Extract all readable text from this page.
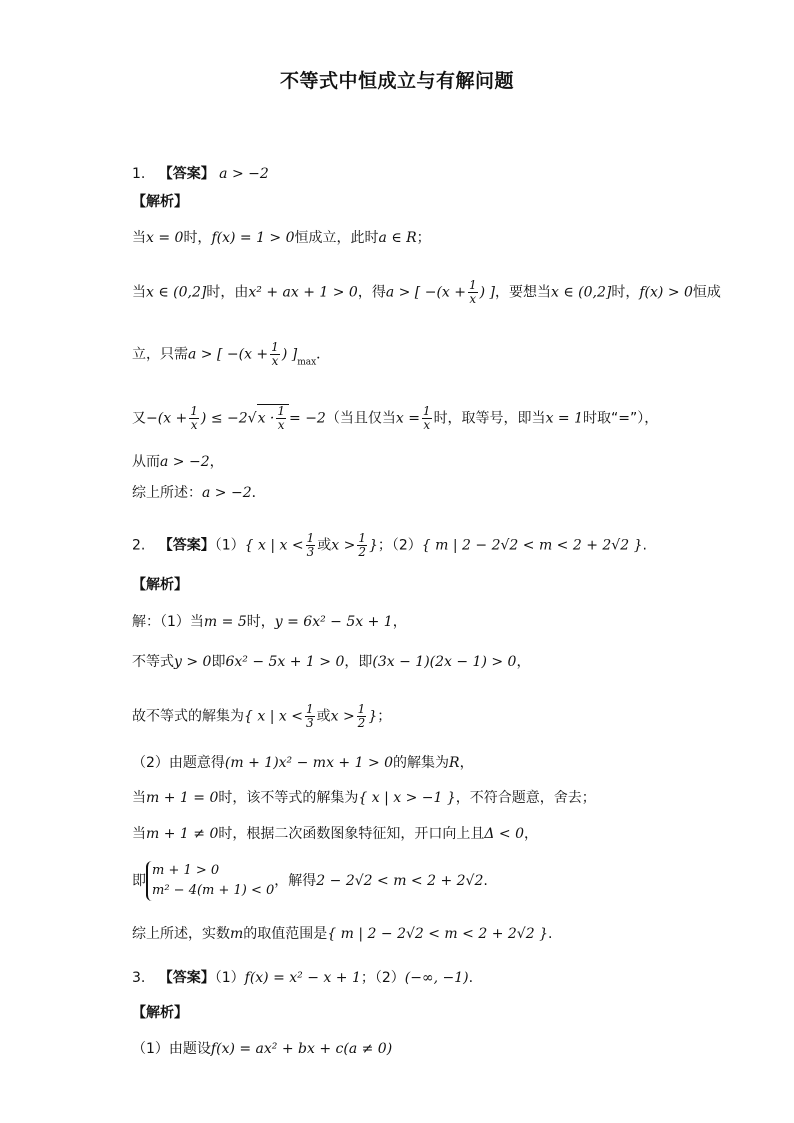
不等式中恒成立与有解问题
1. 【答案】 a > −2
【解析】
当x = 0时，f(x) = 1 > 0恒成立，此时a ∈ R；
当x ∈ (0,2]时，由x² + ax + 1 > 0，得a > [ $-(x + \frac{1}{x}$ ) ]，要想当x ∈ (0,2]时，f(x) > 0恒成
立，只需a > [ $-(x + \frac{1}{x}$ ) ]$_{max}$．
又$-(x + \frac{1}{x}$ ) ≤ $-2√x \cdot \frac{1}{x} = -2$（当且仅当$x = \frac{1}{x}$ 时，取等号，即当x = 1时取“=”），
从而a > −2，
综上所述：a > −2．
2. 【答案】（1）{ x | $x < \frac{1}{3}$ 或$x > \frac{1}{2}$ }；（2）{ m | 2 − 2√2 < m < 2 + 2√2 }.
【解析】
解：（1）当m = 5时，y = 6x² − 5x + 1，
不等式y > 0即6x² − 5x + 1 > 0，即(3x − 1)(2x − 1) > 0，
故不等式的解集为{ x | $x < \frac{1}{3}$ 或$x > \frac{1}{2}$ }；
（2）由题意得(m + 1)x² − mx + 1 > 0的解集为R，
当m + 1 = 0时，该不等式的解集为{ x | x > −1 }，不符合题意，舍去；
当m + 1 ≠ 0时，根据二次函数图象特征知，开口向上且Δ < 0，
即m + 1 > 0
m² − 4(m + 1) < 0，解得2 − 2√2 < m < 2 + 2√2.
综上所述，实数m的取值范围是{ m | 2 − 2√2 < m < 2 + 2√2 }.
3. 【答案】（1）f(x) = x² − x + 1；（2）(−∞, −1).
【解析】
（1）由题设f(x) = ax² + bx + c(a ≠ 0)
